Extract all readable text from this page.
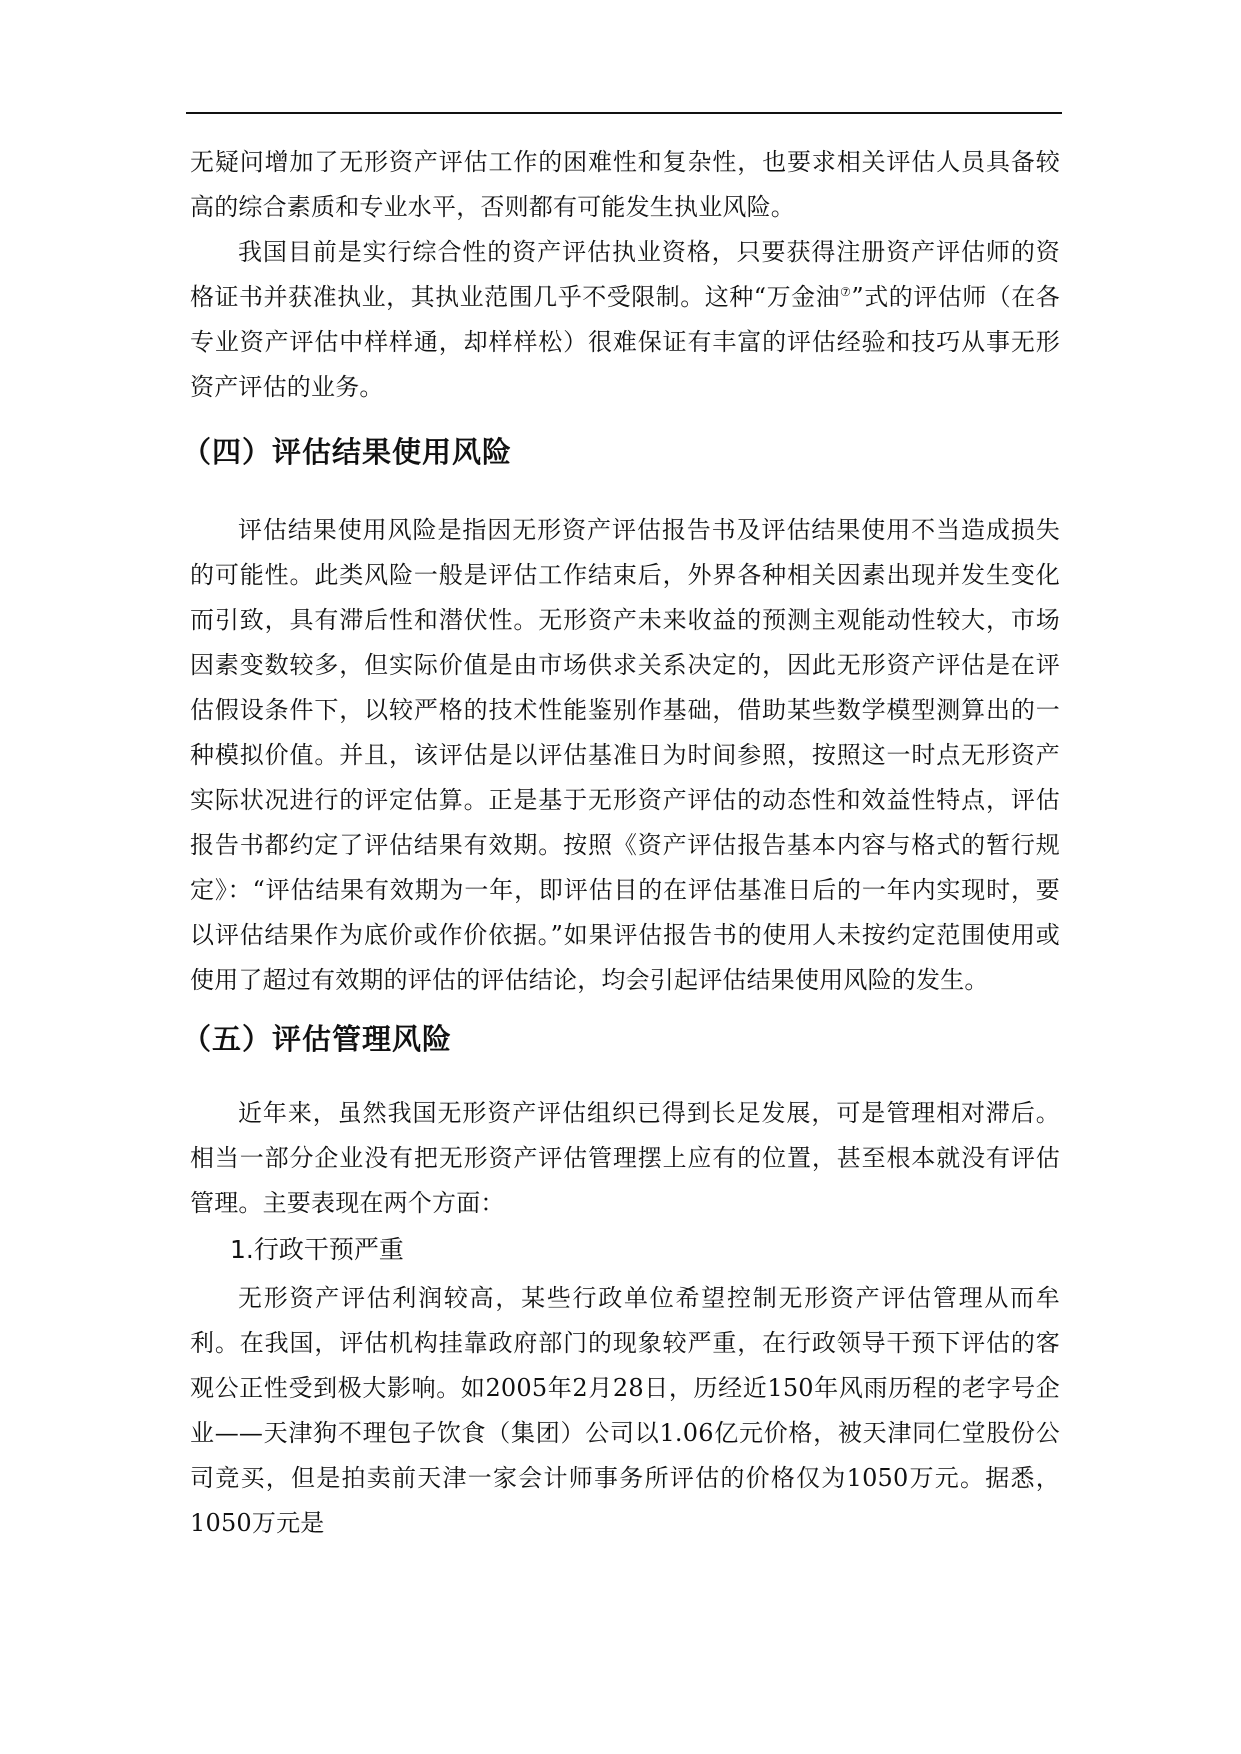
无疑问增加了无形资产评估工作的困难性和复杂性，也要求相关评估人员具备较高的综合素质和专业水平，否则都有可能发生执业风险。

我国目前是实行综合性的资产评估执业资格，只要获得注册资产评估师的资格证书并获准执业，其执业范围几乎不受限制。这种“万金油⑦”式的评估师（在各专业资产评估中样样通，却样样松）很难保证有丰富的评估经验和技巧从事无形资产评估的业务。

（四）评估结果使用风险

评估结果使用风险是指因无形资产评估报告书及评估结果使用不当造成损失的可能性。此类风险一般是评估工作结束后，外界各种相关因素出现并发生变化而引致，具有滞后性和潜伏性。无形资产未来收益的预测主观能动性较大，市场因素变数较多，但实际价值是由市场供求关系决定的，因此无形资产评估是在评估假设条件下，以较严格的技术性能鉴别作基础，借助某些数学模型测算出的一种模拟价值。并且，该评估是以评估基准日为时间参照，按照这一时点无形资产实际状况进行的评定估算。正是基于无形资产评估的动态性和效益性特点，评估报告书都约定了评估结果有效期。按照《资产评估报告基本内容与格式的暂行规定》：“评估结果有效期为一年，即评估目的在评估基准日后的一年内实现时，要以评估结果作为底价或作价依据。”如果评估报告书的使用人未按约定范围使用或使用了超过有效期的评估的评估结论，均会引起评估结果使用风险的发生。

（五）评估管理风险

近年来，虽然我国无形资产评估组织已得到长足发展，可是管理相对滞后。相当一部分企业没有把无形资产评估管理摆上应有的位置，甚至根本就没有评估管理。主要表现在两个方面：

1.行政干预严重

无形资产评估利润较高，某些行政单位希望控制无形资产评估管理从而牟利。在我国，评估机构挂靠政府部门的现象较严重，在行政领导干预下评估的客观公正性受到极大影响。如2005年2月28日，历经近150年风雨历程的老字号企业——天津狗不理包子饮食（集团）公司以1.06亿元价格，被天津同仁堂股份公司竞买，但是拍卖前天津一家会计师事务所评估的价格仅为1050万元。据悉，1050万元是
